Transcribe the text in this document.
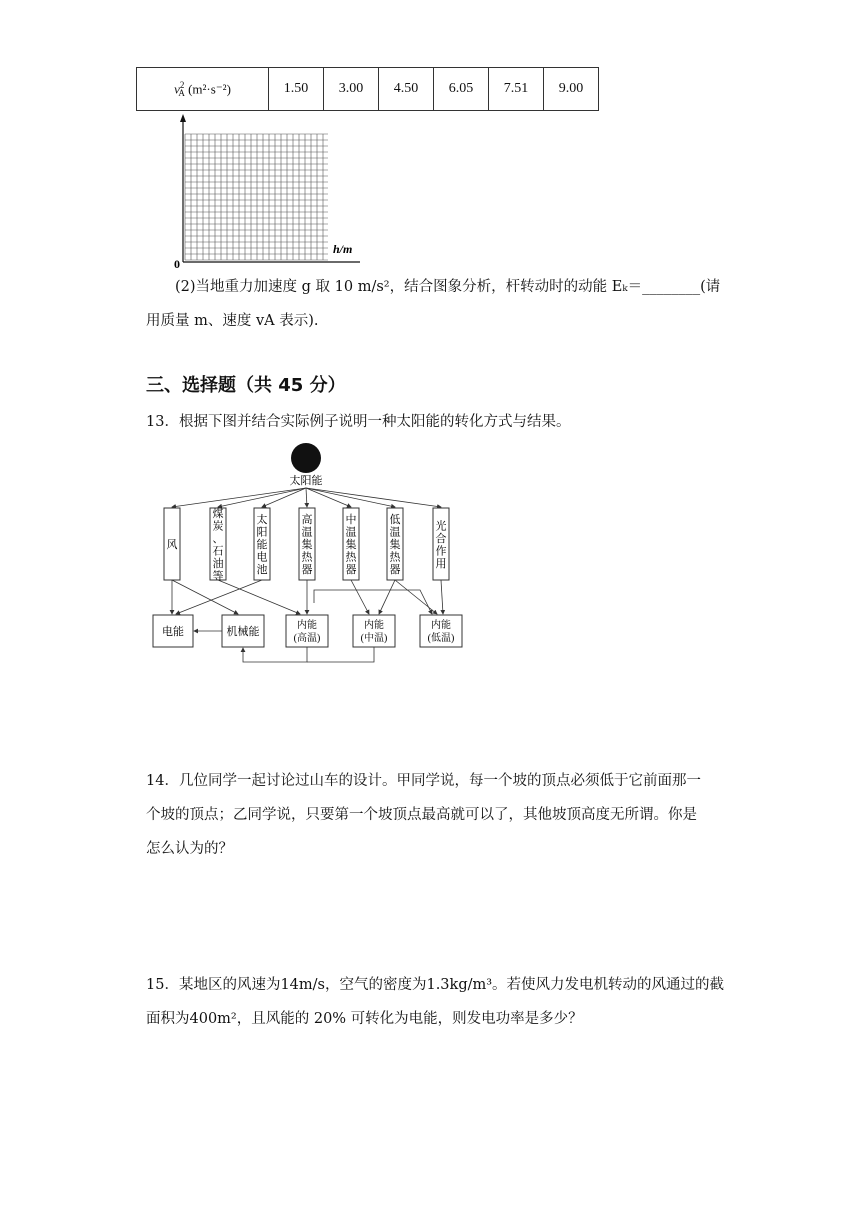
$v^2_A$ (m²·s⁻²)	1.50	3.00	4.50	6.05	7.51	9.00
h/m
0
(2)当地重力加速度 g 取 10 m/s²，结合图象分析，杆转动时的动能 Eₖ＝________(请
用质量 m、速度 vA 表示).
三、选择题（共 45 分）
13．根据下图并结合实际例子说明一种太阳能的转化方式与结果。
太阳能
风
煤
炭
、
石
油
等
太
阳
能
电
池
高
温
集
热
器
中
温
集
热
器
低
温
集
热
器
光
合
作
用
电能	机械能
内能
(高温)
内能
(中温)
内能
(低温)
14．几位同学一起讨论过山车的设计。甲同学说，每一个坡的顶点必须低于它前面那一
个坡的顶点；乙同学说，只要第一个坡顶点最高就可以了，其他坡顶高度无所谓。你是
怎么认为的？
15．某地区的风速为14m/s，空气的密度为1.3kg/m³。若使风力发电机转动的风通过的截
面积为400m²，且风能的 20% 可转化为电能，则发电功率是多少？
